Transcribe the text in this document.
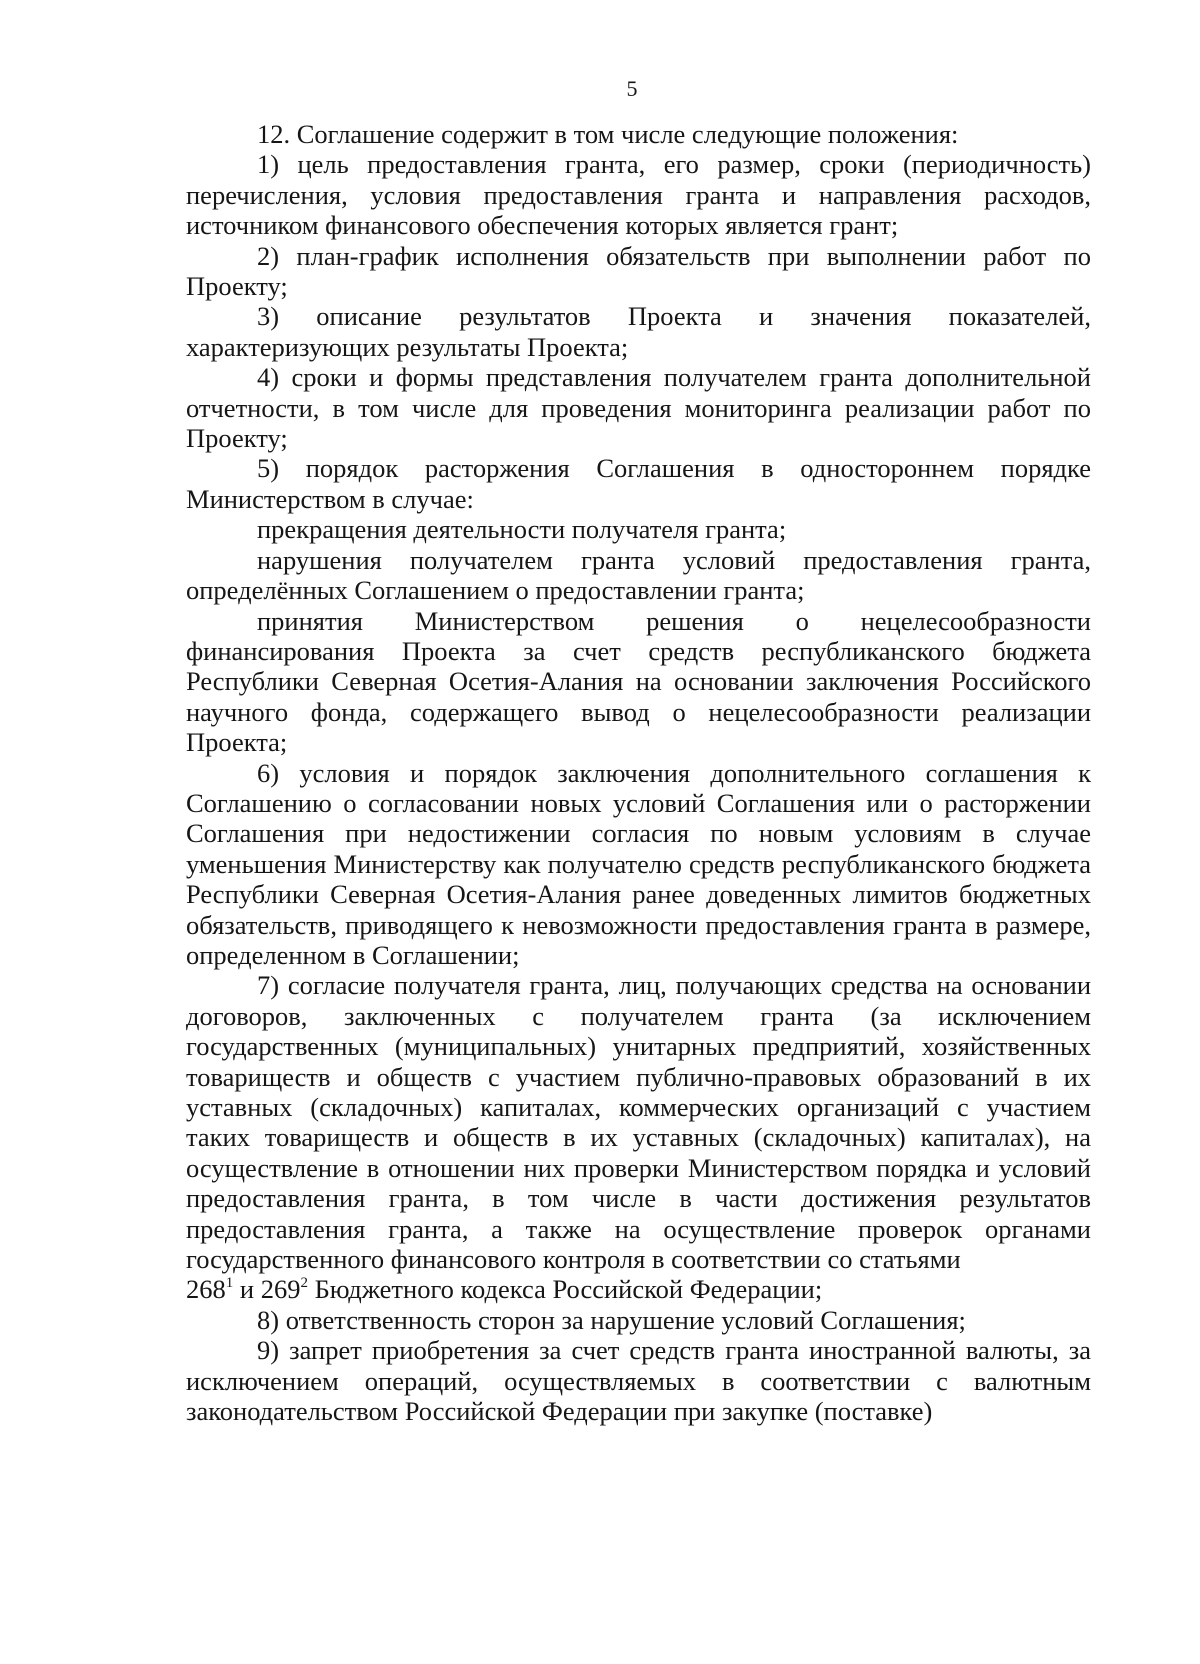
5

12. Соглашение содержит в том числе следующие положения:

1) цель предоставления гранта, его размер, сроки (периодичность) перечисления, условия предоставления гранта и направления расходов, источником финансового обеспечения которых является грант;

2) план-график исполнения обязательств при выполнении работ по Проекту;

3) описание результатов Проекта и значения показателей, характеризующих результаты Проекта;

4) сроки и формы представления получателем гранта дополнительной отчетности, в том числе для проведения мониторинга реализации работ по Проекту;

5) порядок расторжения Соглашения в одностороннем порядке Министерством в случае:

прекращения деятельности получателя гранта;

нарушения получателем гранта условий предоставления гранта, определённых Соглашением о предоставлении гранта;

принятия Министерством решения о нецелесообразности финансирования Проекта за счет средств республиканского бюджета Республики Северная Осетия-Алания на основании заключения Российского научного фонда, содержащего вывод о нецелесообразности реализации Проекта;

6) условия и порядок заключения дополнительного соглашения к Соглашению о согласовании новых условий Соглашения или о расторжении Соглашения при недостижении согласия по новым условиям в случае уменьшения Министерству как получателю средств республиканского бюджета Республики Северная Осетия-Алания ранее доведенных лимитов бюджетных обязательств, приводящего к невозможности предоставления гранта в размере, определенном в Соглашении;

7) согласие получателя гранта, лиц, получающих средства на основании договоров, заключенных с получателем гранта (за исключением государственных (муниципальных) унитарных предприятий, хозяйственных товариществ и обществ с участием публично-правовых образований в их уставных (складочных) капиталах, коммерческих организаций с участием таких товариществ и обществ в их уставных (складочных) капиталах), на осуществление в отношении них проверки Министерством порядка и условий предоставления гранта, в том числе в части достижения результатов предоставления гранта, а также на осуществление проверок органами государственного финансового контроля в соответствии со статьями
$268^1$ и $269^2$ Бюджетного кодекса Российской Федерации;

8) ответственность сторон за нарушение условий Соглашения;

9) запрет приобретения за счет средств гранта иностранной валюты, за исключением операций, осуществляемых в соответствии с валютным законодательством Российской Федерации при закупке (поставке)
